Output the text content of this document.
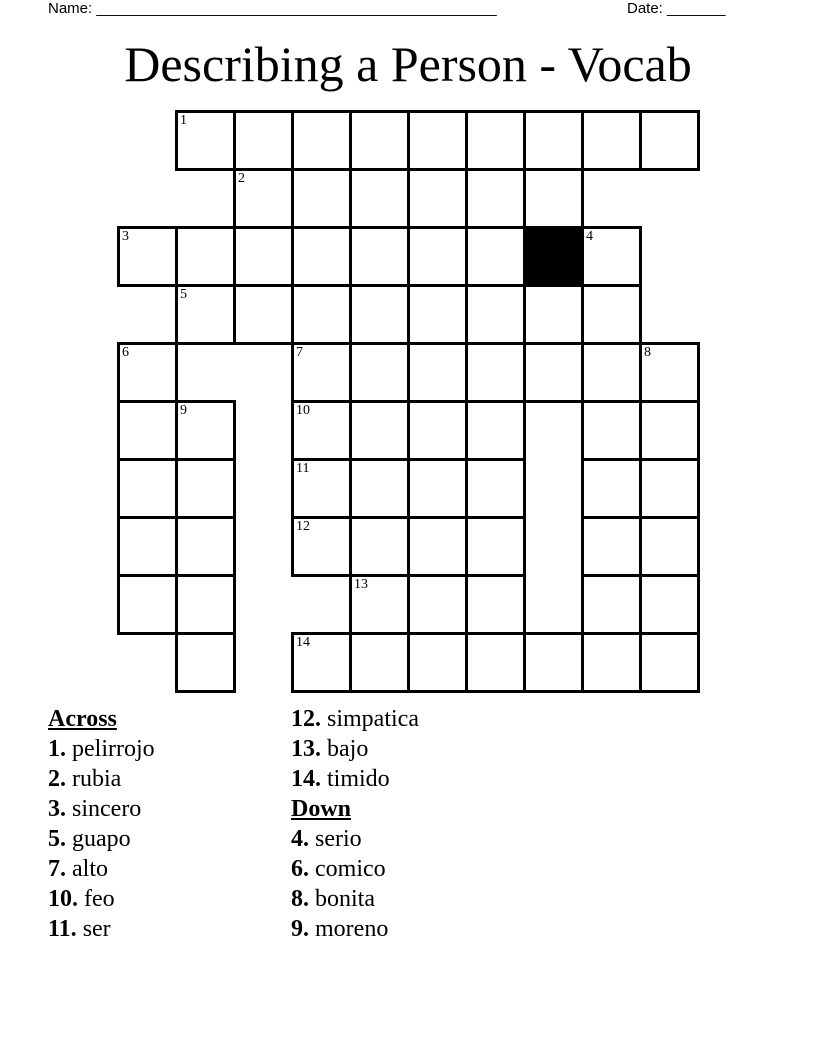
Name: ________________________________________________	Date: _______
Describing a Person - Vocab
1
2
3	4
5
6	7	8
9	10
11
12
13
14
Across
1. pelirrojo
2. rubia
3. sincero
5. guapo
7. alto
10. feo
11. ser
12. simpatica
13. bajo
14. timido
Down
4. serio
6. comico
8. bonita
9. moreno
